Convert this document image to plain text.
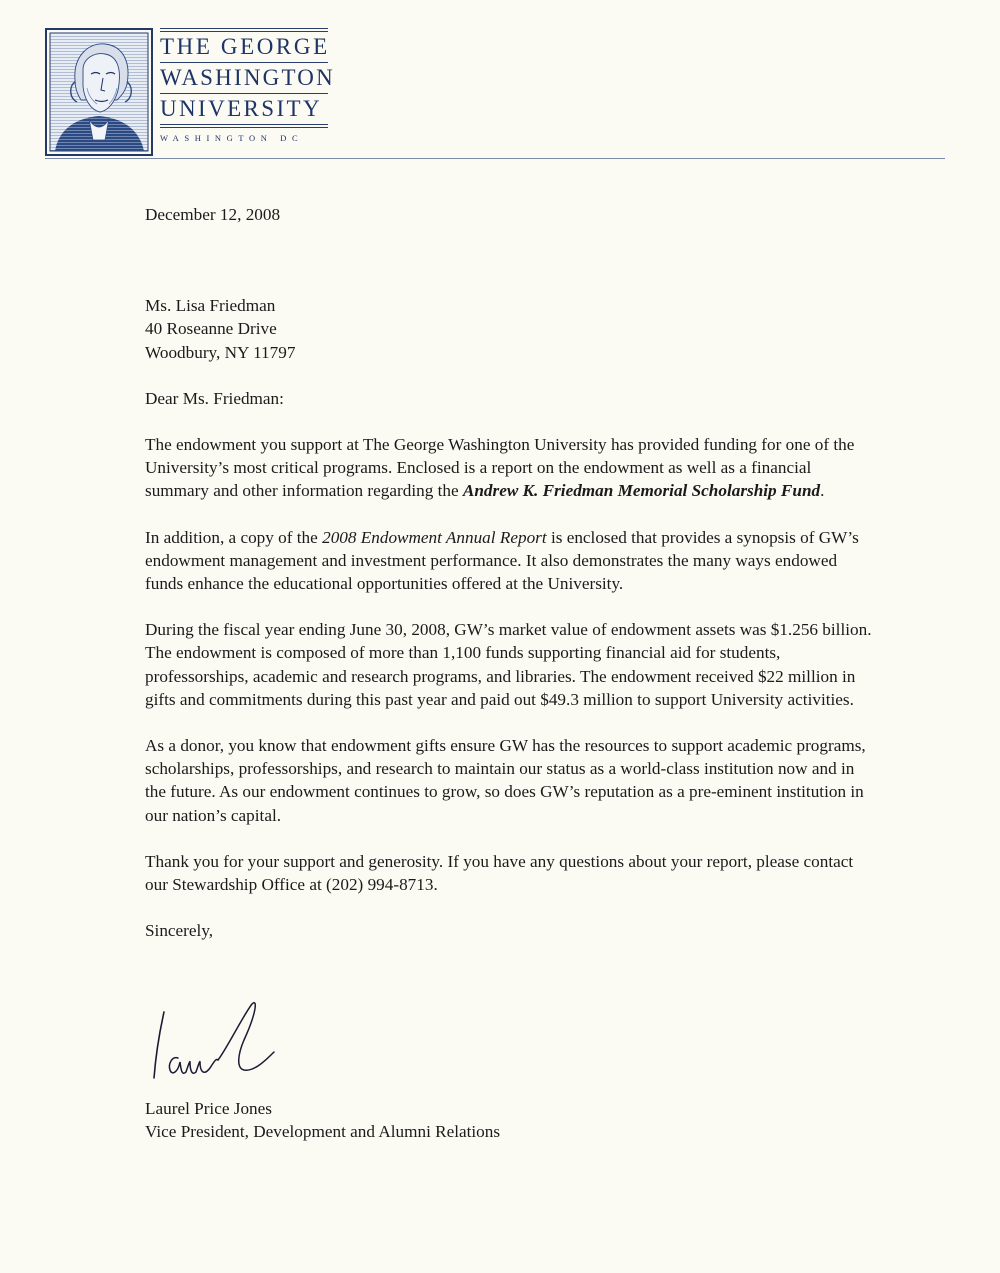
THE GEORGE
WASHINGTON
UNIVERSITY
WASHINGTON DC
December 12, 2008
Ms. Lisa Friedman
40 Roseanne Drive
Woodbury, NY 11797
Dear Ms. Friedman:

The endowment you support at The George Washington University has provided funding for one of the University’s most critical programs. Enclosed is a report on the endowment as well as a financial summary and other information regarding the Andrew K. Friedman Memorial Scholarship Fund.

In addition, a copy of the 2008 Endowment Annual Report is enclosed that provides a synopsis of GW’s endowment management and investment performance. It also demonstrates the many ways endowed funds enhance the educational opportunities offered at the University.

During the fiscal year ending June 30, 2008, GW’s market value of endowment assets was $1.256 billion. The endowment is composed of more than 1,100 funds supporting financial aid for students, professorships, academic and research programs, and libraries. The endowment received $22 million in gifts and commitments during this past year and paid out $49.3 million to support University activities.

As a donor, you know that endowment gifts ensure GW has the resources to support academic programs, scholarships, professorships, and research to maintain our status as a world-class institution now and in the future. As our endowment continues to grow, so does GW’s reputation as a pre-eminent institution in our nation’s capital.

Thank you for your support and generosity. If you have any questions about your report, please contact our Stewardship Office at (202) 994-8713.

Sincerely,

Laurel Price Jones
Vice President, Development and Alumni Relations
